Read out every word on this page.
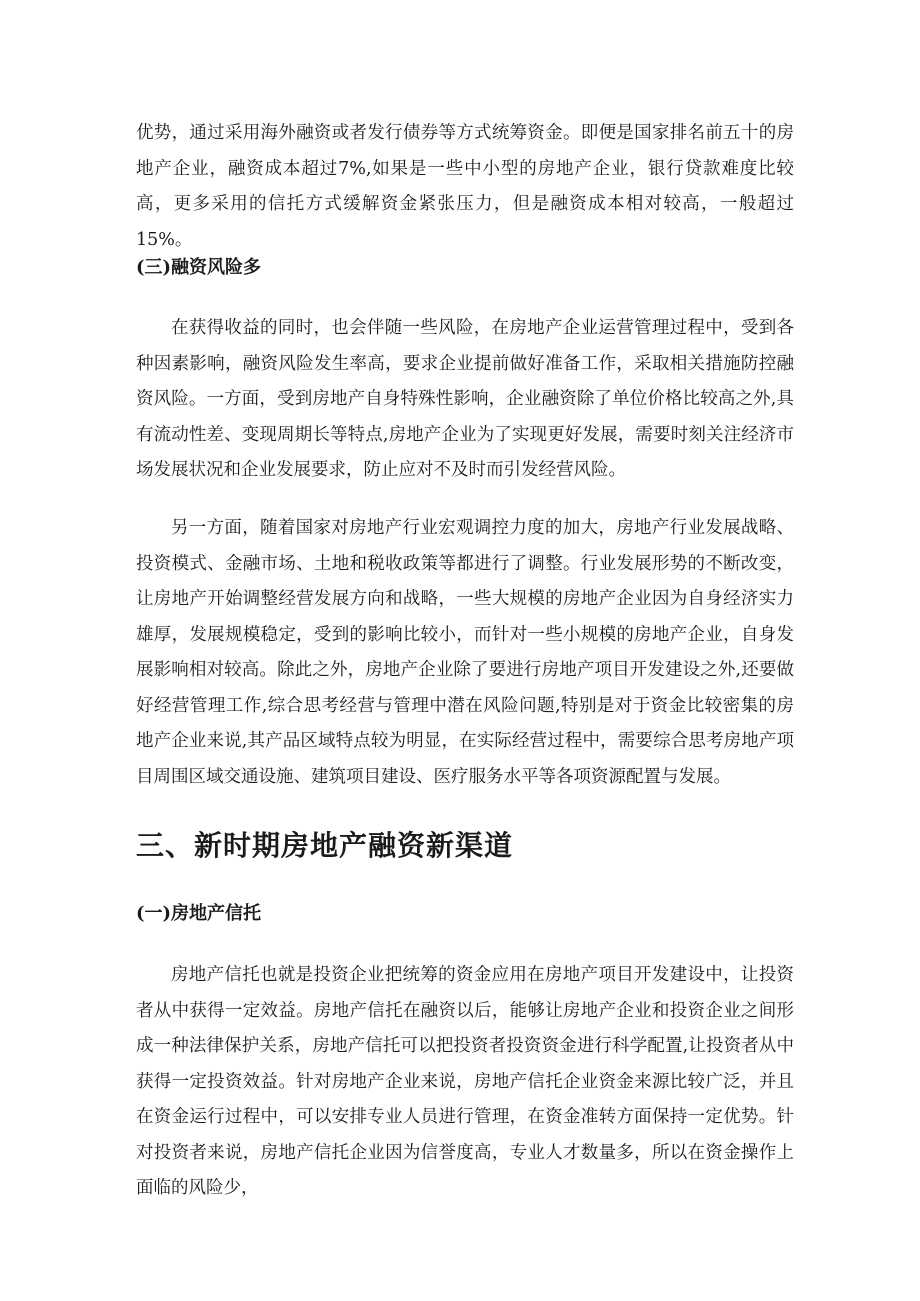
优势，通过采用海外融资或者发行债券等方式统筹资金。即便是国家排名前五十的房地产企业，融资成本超过7%,如果是一些中小型的房地产企业，银行贷款难度比较高，更多采用的信托方式缓解资金紧张压力，但是融资成本相对较高，一般超过15%。

(三)融资风险多

在获得收益的同时，也会伴随一些风险，在房地产企业运营管理过程中，受到各种因素影响，融资风险发生率高，要求企业提前做好准备工作，采取相关措施防控融资风险。一方面，受到房地产自身特殊性影响，企业融资除了单位价格比较高之外,具有流动性差、变现周期长等特点,房地产企业为了实现更好发展，需要时刻关注经济市场发展状况和企业发展要求，防止应对不及时而引发经营风险。

另一方面，随着国家对房地产行业宏观调控力度的加大，房地产行业发展战略、投资模式、金融市场、土地和税收政策等都进行了调整。行业发展形势的不断改变，让房地产开始调整经营发展方向和战略，一些大规模的房地产企业因为自身经济实力雄厚，发展规模稳定，受到的影响比较小，而针对一些小规模的房地产企业，自身发展影响相对较高。除此之外，房地产企业除了要进行房地产项目开发建设之外,还要做好经营管理工作,综合思考经营与管理中潜在风险问题,特别是对于资金比较密集的房地产企业来说,其产品区域特点较为明显，在实际经营过程中，需要综合思考房地产项目周围区域交通设施、建筑项目建设、医疗服务水平等各项资源配置与发展。

三、新时期房地产融资新渠道
(一)房地产信托

房地产信托也就是投资企业把统筹的资金应用在房地产项目开发建设中，让投资者从中获得一定效益。房地产信托在融资以后，能够让房地产企业和投资企业之间形成一种法律保护关系，房地产信托可以把投资者投资资金进行科学配置,让投资者从中获得一定投资效益。针对房地产企业来说，房地产信托企业资金来源比较广泛，并且在资金运行过程中，可以安排专业人员进行管理，在资金准转方面保持一定优势。针对投资者来说，房地产信托企业因为信誉度高，专业人才数量多，所以在资金操作上面临的风险少，
